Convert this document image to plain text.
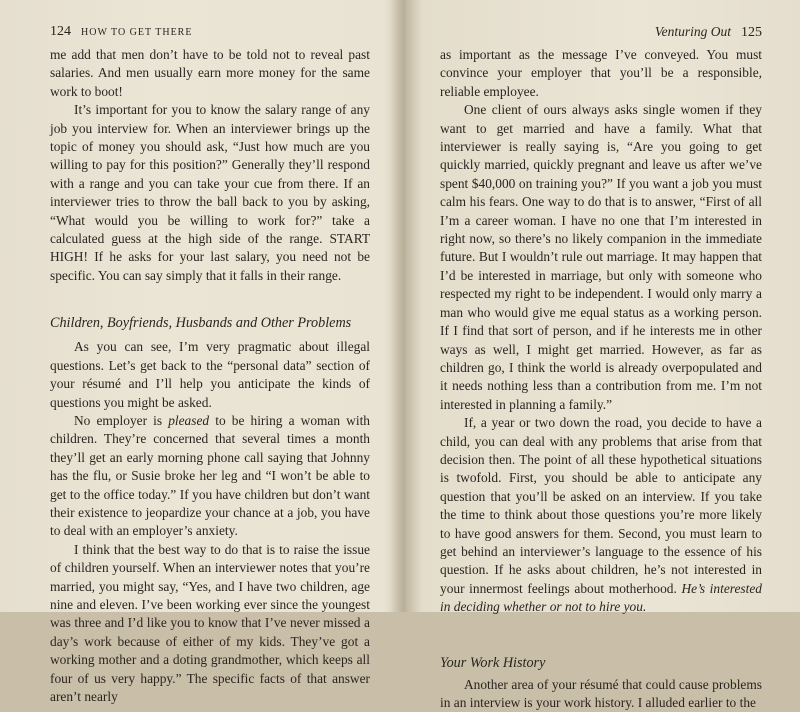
124 HOW TO GET THERE

me add that men don’t have to be told not to reveal past salaries. And men usually earn more money for the same work to boot!

It’s important for you to know the salary range of any job you interview for. When an interviewer brings up the topic of money you should ask, “Just how much are you willing to pay for this position?” Generally they’ll respond with a range and you can take your cue from there. If an interviewer tries to throw the ball back to you by asking, “What would you be willing to work for?” take a calculated guess at the high side of the range. START HIGH! If he asks for your last salary, you need not be specific. You can say simply that it falls in their range.

Children, Boyfriends, Husbands and Other Problems

As you can see, I’m very pragmatic about illegal questions. Let’s get back to the “personal data” section of your résumé and I’ll help you anticipate the kinds of questions you might be asked.

No employer is pleased to be hiring a woman with children. They’re concerned that several times a month they’ll get an early morning phone call saying that Johnny has the flu, or Susie broke her leg and “I won’t be able to get to the office today.” If you have children but don’t want their existence to jeopardize your chance at a job, you have to deal with an employer’s anxiety.

I think that the best way to do that is to raise the issue of children yourself. When an interviewer notes that you’re married, you might say, “Yes, and I have two children, age nine and eleven. I’ve been working ever since the youngest was three and I’d like you to know that I’ve never missed a day’s work because of either of my kids. They’ve got a working mother and a doting grandmother, which keeps all four of us very happy.” The specific facts of that answer aren’t nearly

Venturing Out 125

as important as the message I’ve conveyed. You must convince your employer that you’ll be a responsible, reliable employee.

One client of ours always asks single women if they want to get married and have a family. What that interviewer is really saying is, “Are you going to get quickly married, quickly pregnant and leave us after we’ve spent $40,000 on training you?” If you want a job you must calm his fears. One way to do that is to answer, “First of all I’m a career woman. I have no one that I’m interested in right now, so there’s no likely companion in the immediate future. But I wouldn’t rule out marriage. It may happen that I’d be interested in marriage, but only with someone who respected my right to be independent. I would only marry a man who would give me equal status as a working person. If I find that sort of person, and if he interests me in other ways as well, I might get married. However, as far as children go, I think the world is already overpopulated and it needs nothing less than a contribution from me. I’m not interested in planning a family.”

If, a year or two down the road, you decide to have a child, you can deal with any problems that arise from that decision then. The point of all these hypothetical situations is twofold. First, you should be able to anticipate any question that you’ll be asked on an interview. If you take the time to think about those questions you’re more likely to have good answers for them. Second, you must learn to get behind an interviewer’s language to the essence of his question. If he asks about children, he’s not interested in your innermost feelings about motherhood. He’s interested in deciding whether or not to hire you.

Your Work History

Another area of your résumé that could cause problems in an interview is your work history. I alluded earlier to the
